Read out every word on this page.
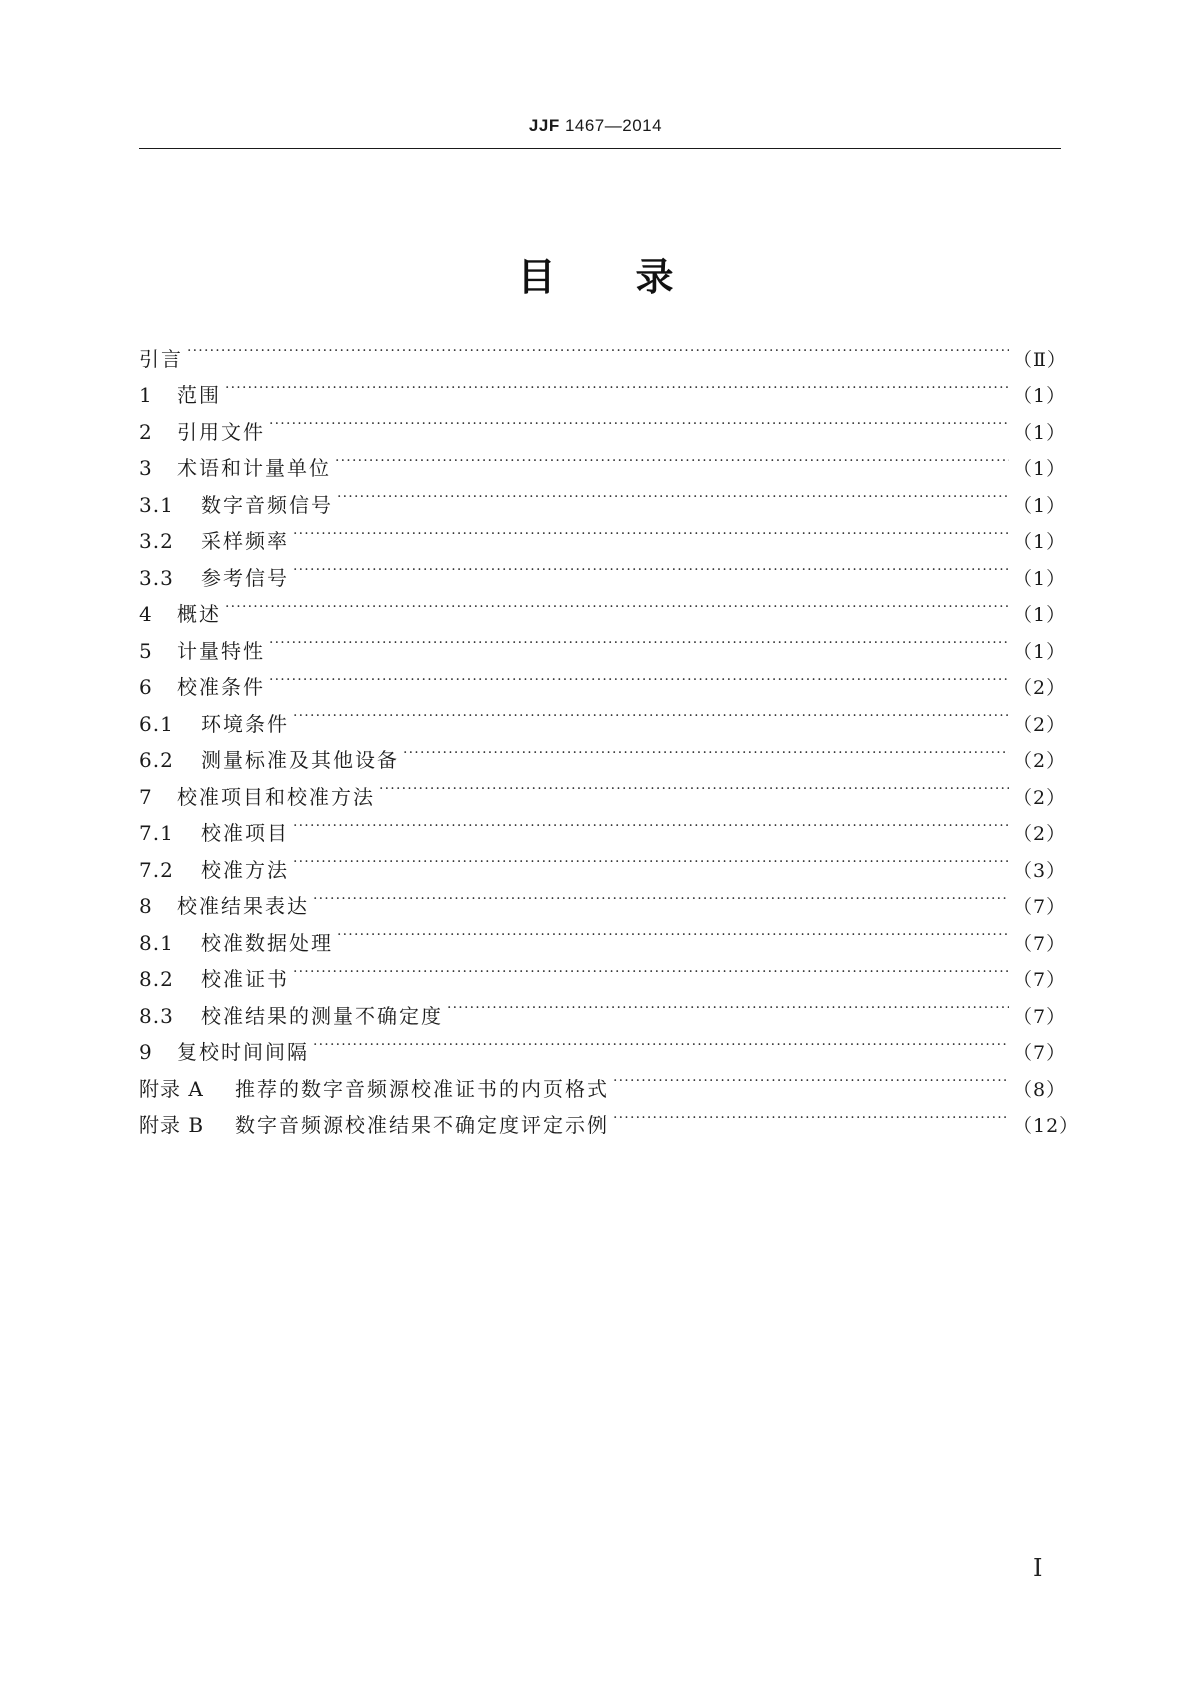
JJF 1467—2014
目 录
引言 ·····	（Ⅱ）
1	范围 ·····	（1）
2	引用文件 ·····	（1）
3	术语和计量单位 ·····	（1）
3.1	数字音频信号 ·····	（1）
3.2	采样频率 ·····	（1）
3.3	参考信号 ·····	（1）
4	概述 ·····	（1）
5	计量特性 ·····	（1）
6	校准条件 ·····	（2）
6.1	环境条件 ·····	（2）
6.2	测量标准及其他设备 ·····	（2）
7	校准项目和校准方法 ·····	（2）
7.1	校准项目 ·····	（2）
7.2	校准方法 ·····	（3）
8	校准结果表达 ·····	（7）
8.1	校准数据处理 ·····	（7）
8.2	校准证书 ·····	（7）
8.3	校准结果的测量不确定度 ·····	（7）
9	复校时间间隔 ·····	（7）
附录 A	推荐的数字音频源校准证书的内页格式 ·····	（8）
附录 B	数字音频源校准结果不确定度评定示例 ·····	（12）
Ⅰ
